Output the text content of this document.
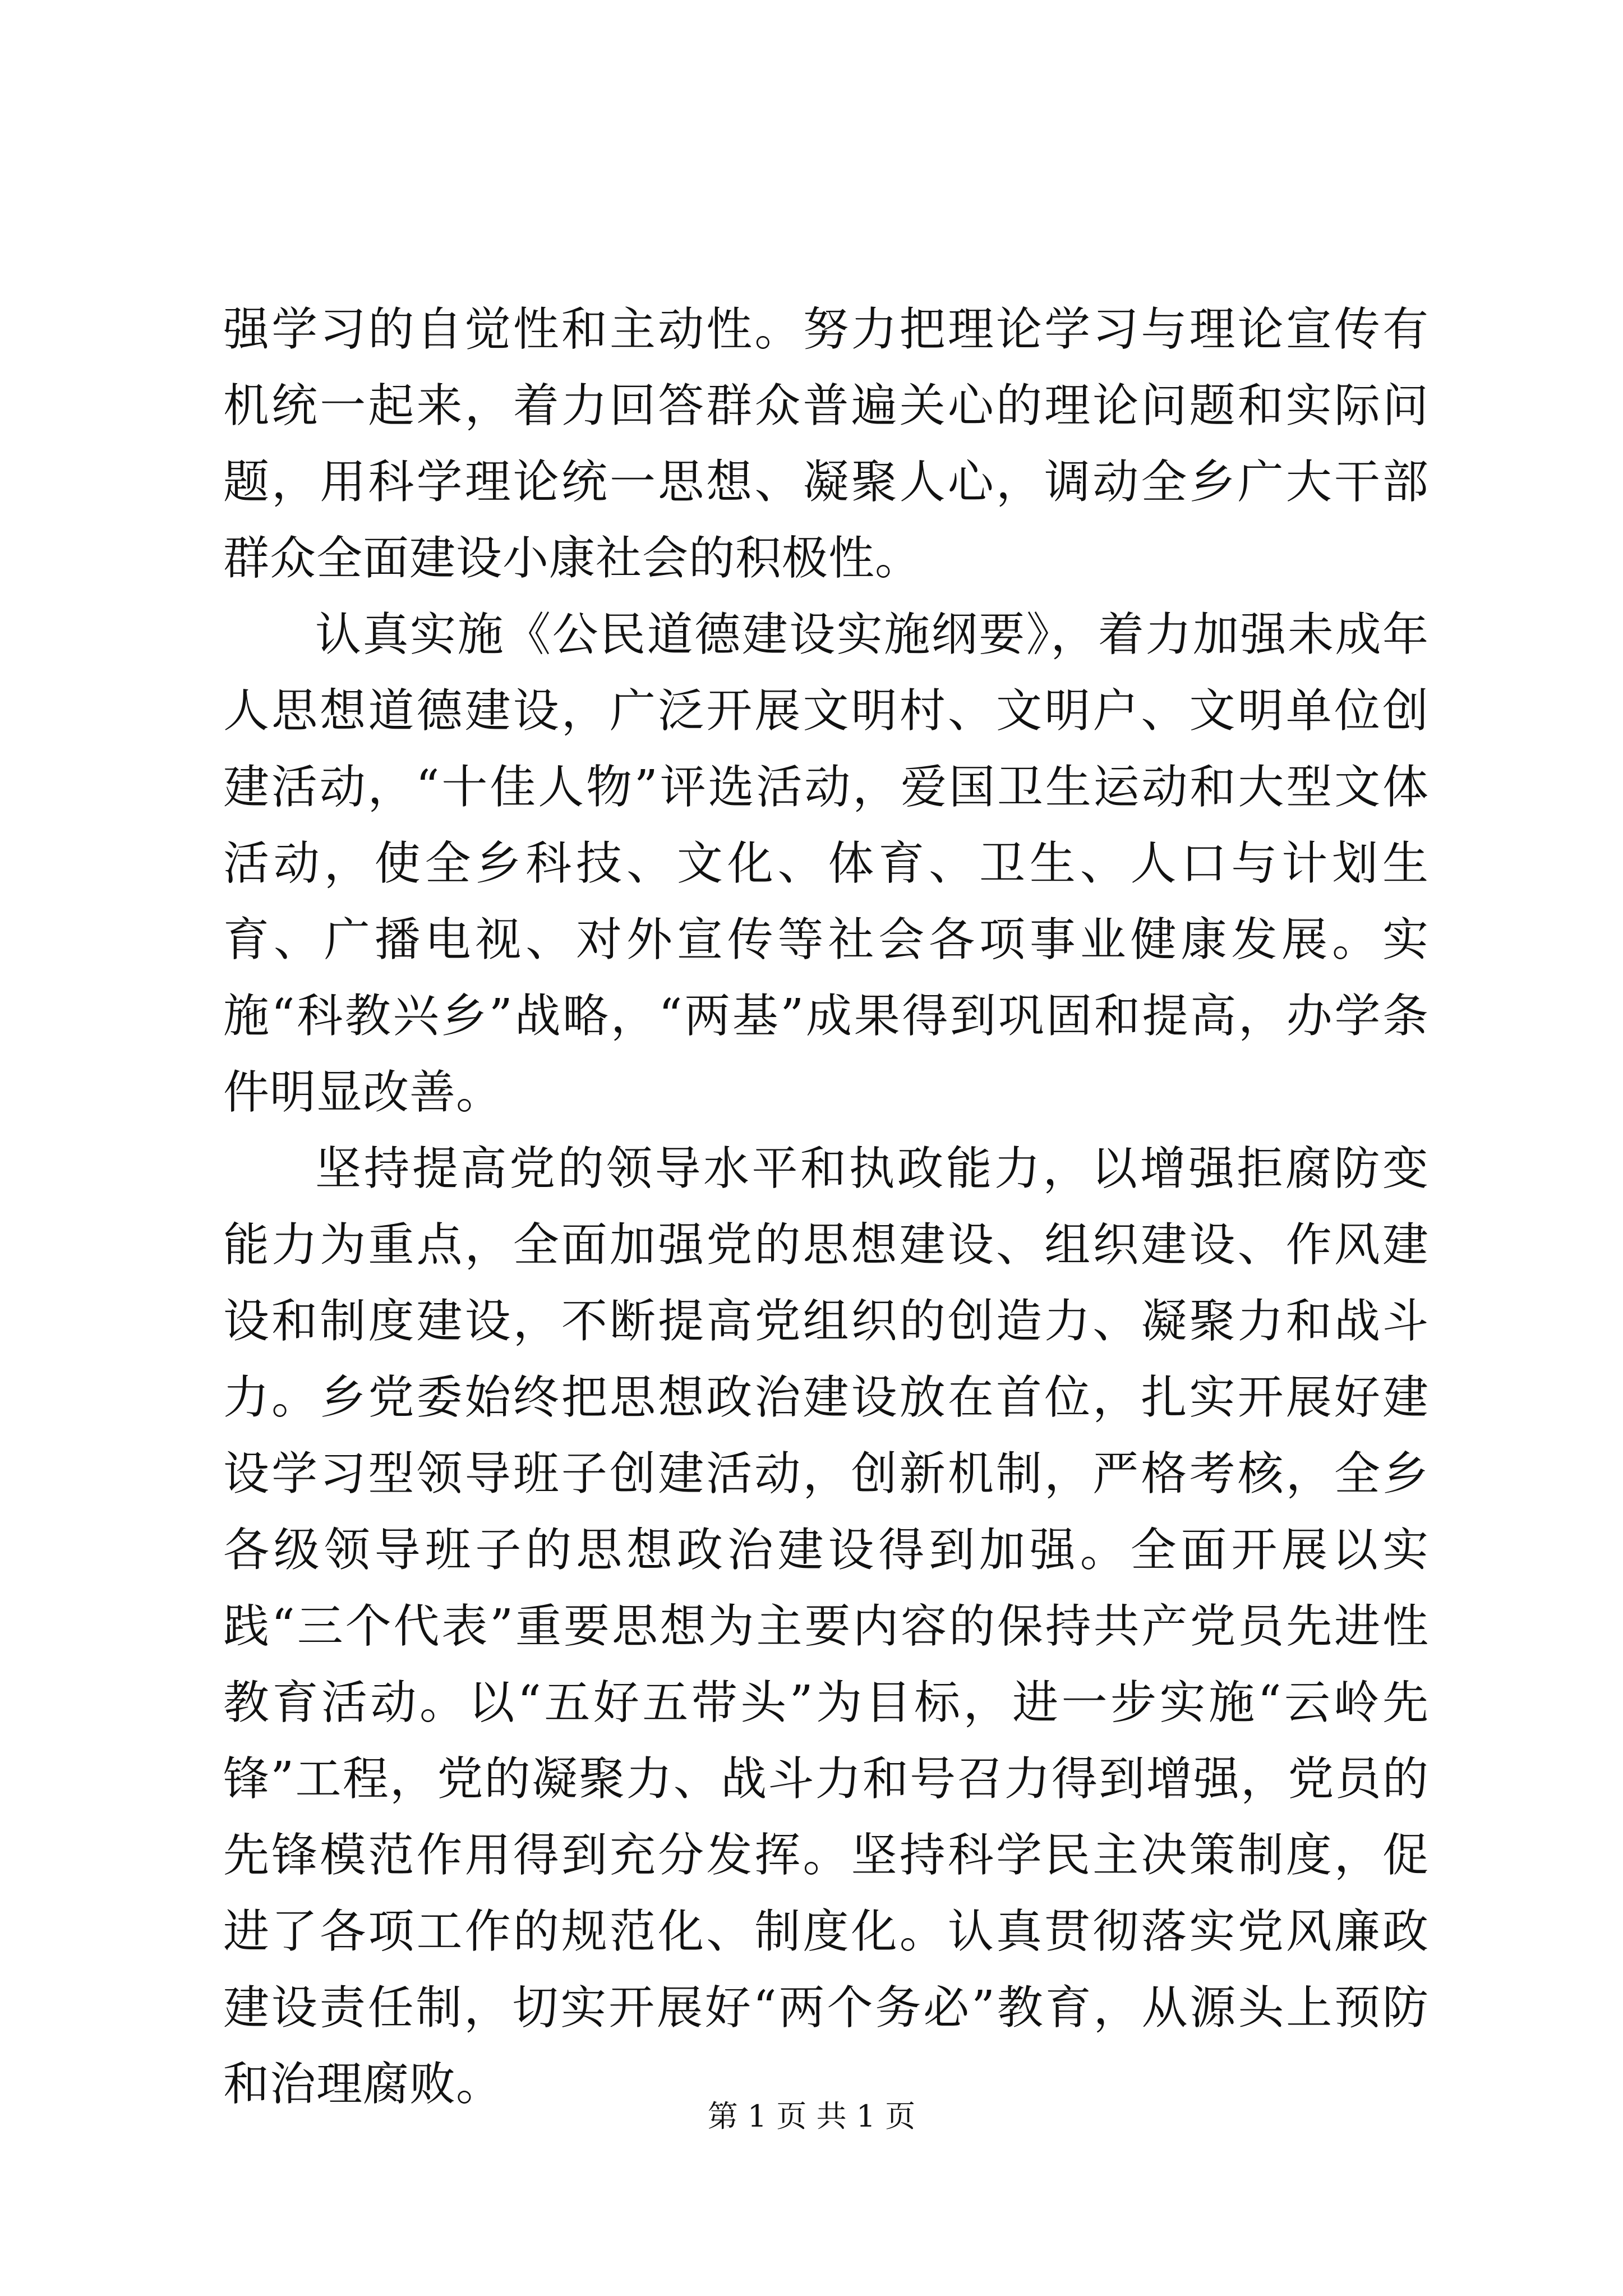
强学习的自觉性和主动性。努力把理论学习与理论宣传有机统一起来，着力回答群众普遍关心的理论问题和实际问题，用科学理论统一思想、凝聚人心，调动全乡广大干部群众全面建设小康社会的积极性。

认真实施《公民道德建设实施纲要》，着力加强未成年人思想道德建设，广泛开展文明村、文明户、文明单位创建活动，“十佳人物”评选活动，爱国卫生运动和大型文体活动，使全乡科技、文化、体育、卫生、人口与计划生育、广播电视、对外宣传等社会各项事业健康发展。实施“科教兴乡”战略，“两基”成果得到巩固和提高，办学条件明显改善。

坚持提高党的领导水平和执政能力，以增强拒腐防变能力为重点，全面加强党的思想建设、组织建设、作风建设和制度建设，不断提高党组织的创造力、凝聚力和战斗力。乡党委始终把思想政治建设放在首位，扎实开展好建设学习型领导班子创建活动，创新机制，严格考核，全乡各级领导班子的思想政治建设得到加强。全面开展以实践“三个代表”重要思想为主要内容的保持共产党员先进性教育活动。以“五好五带头”为目标，进一步实施“云岭先锋”工程，党的凝聚力、战斗力和号召力得到增强，党员的先锋模范作用得到充分发挥。坚持科学民主决策制度，促进了各项工作的规范化、制度化。认真贯彻落实党风廉政建设责任制，切实开展好“两个务必”教育，从源头上预防和治理腐败。

第 1 页 共 1 页
